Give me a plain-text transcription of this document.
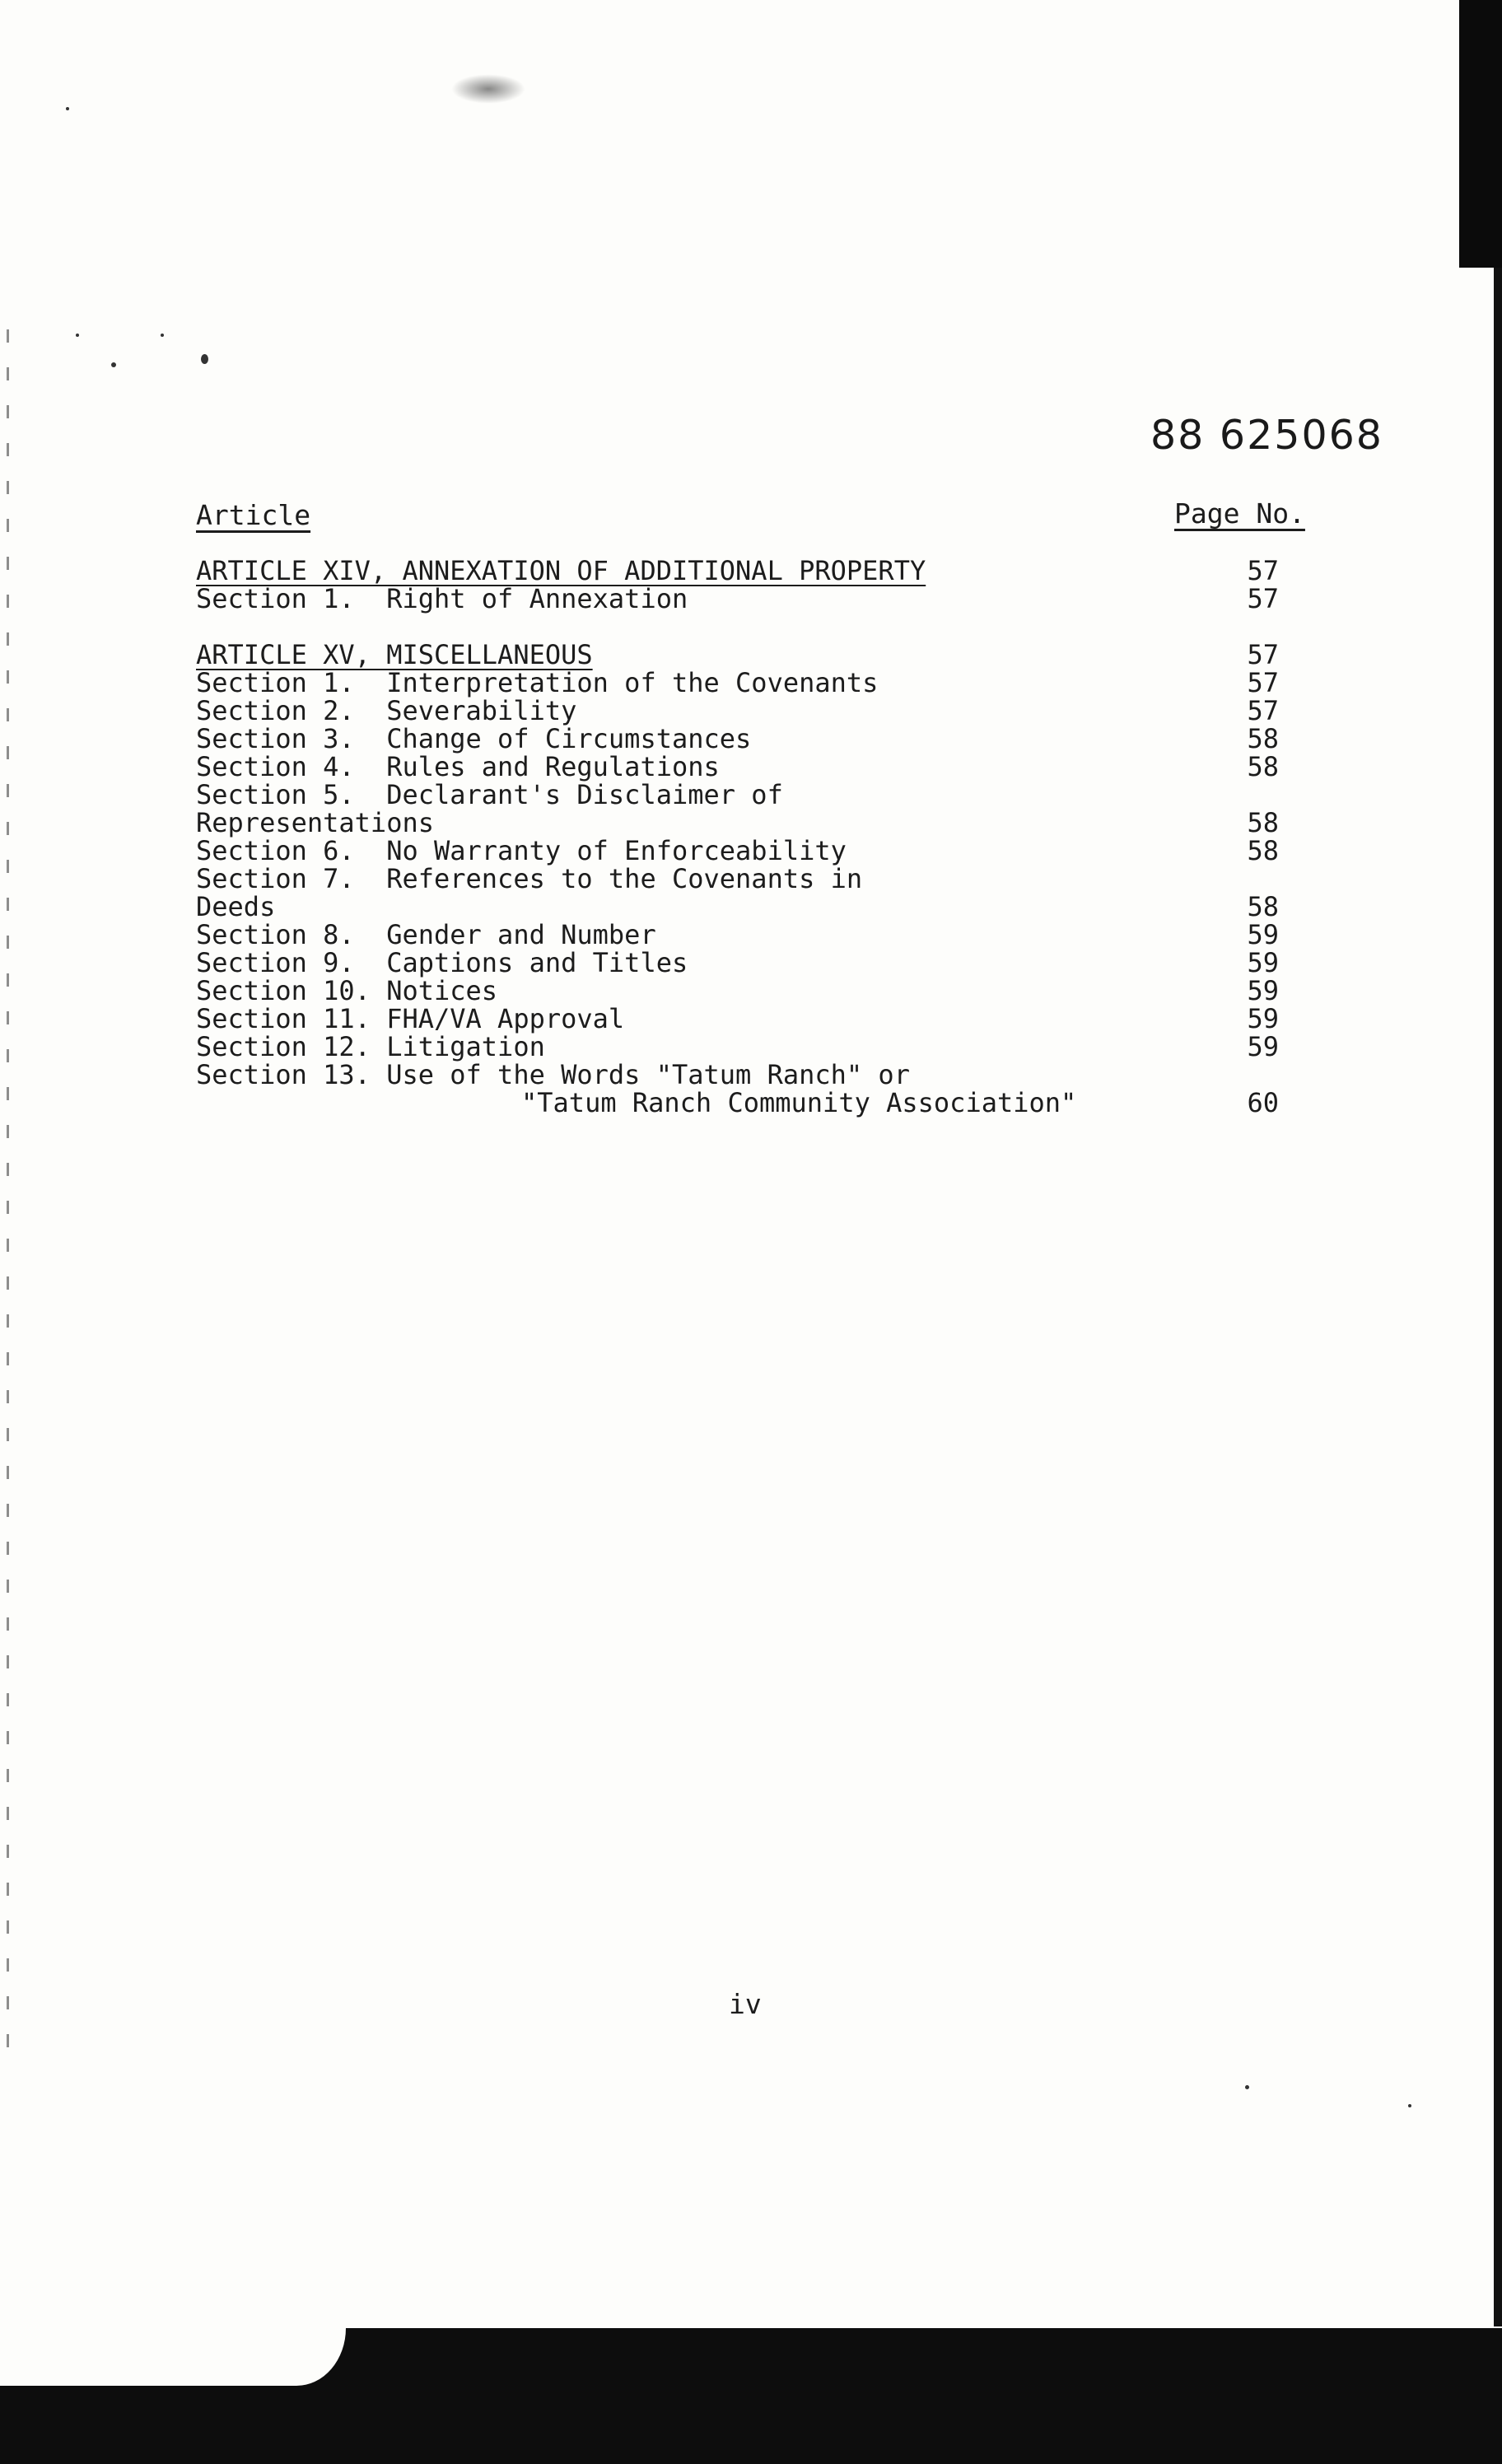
88 625068
Article	Page No.
ARTICLE XIV, ANNEXATION OF ADDITIONAL PROPERTY	57
Section 1.  Right of Annexation	57
ARTICLE XV, MISCELLANEOUS	57
Section 1.  Interpretation of the Covenants	57
Section 2.  Severability	57
Section 3.  Change of Circumstances	58
Section 4.  Rules and Regulations	58
Section 5.  Declarant's Disclaimer of
Representations	58
Section 6.  No Warranty of Enforceability	58
Section 7.  References to the Covenants in
Deeds	58
Section 8.  Gender and Number	59
Section 9.  Captions and Titles	59
Section 10. Notices	59
Section 11. FHA/VA Approval	59
Section 12. Litigation	59
Section 13. Use of the Words "Tatum Ranch" or
"Tatum Ranch Community Association"	60
iv
